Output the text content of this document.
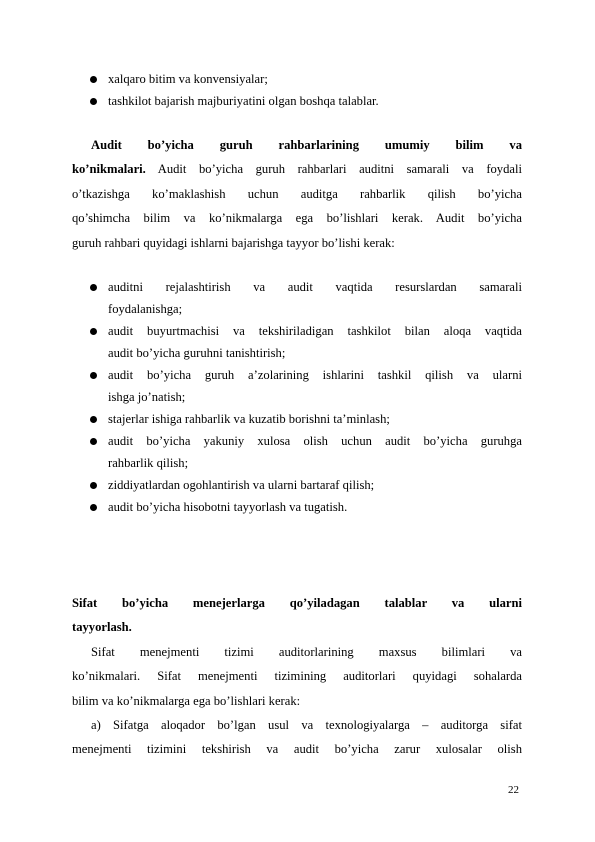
xalqaro bitim va konvensiyalar;
tashkilot bajarish majburiyatini olgan boshqa talablar.
Audit bo’yicha guruh rahbarlarining umumiy bilim va
ko’nikmalari. Audit bo’yicha guruh rahbarlari auditni samarali va foydali
o’tkazishga ko’maklashish uchun auditga rahbarlik qilish bo’yicha
qo’shimcha bilim va ko’nikmalarga ega bo’lishlari kerak. Audit bo’yicha
guruh rahbari quyidagi ishlarni bajarishga tayyor bo’lishi kerak:
auditni rejalashtirish va audit vaqtida resurslardan samarali
foydalanishga;
audit buyurtmachisi va tekshiriladigan tashkilot bilan aloqa vaqtida
audit bo’yicha guruhni tanishtirish;
audit bo’yicha guruh a’zolarining ishlarini tashkil qilish va ularni
ishga jo’natish;
stajerlar ishiga rahbarlik va kuzatib borishni ta’minlash;
audit bo’yicha yakuniy xulosa olish uchun audit bo’yicha guruhga
rahbarlik qilish;
ziddiyatlardan ogohlantirish va ularni bartaraf qilish;
audit bo’yicha hisobotni tayyorlash va tugatish.
Sifat bo’yicha menejerlarga qo’yiladagan talablar va ularni
tayyorlash.
Sifat menejmenti tizimi auditorlarining maxsus bilimlari va
ko’nikmalari. Sifat menejmenti tizimining auditorlari quyidagi sohalarda
bilim va ko’nikmalarga ega bo’lishlari kerak:
a) Sifatga aloqador bo’lgan usul va texnologiyalarga – auditorga sifat
menejmenti tizimini tekshirish va audit bo’yicha zarur xulosalar olish
22
